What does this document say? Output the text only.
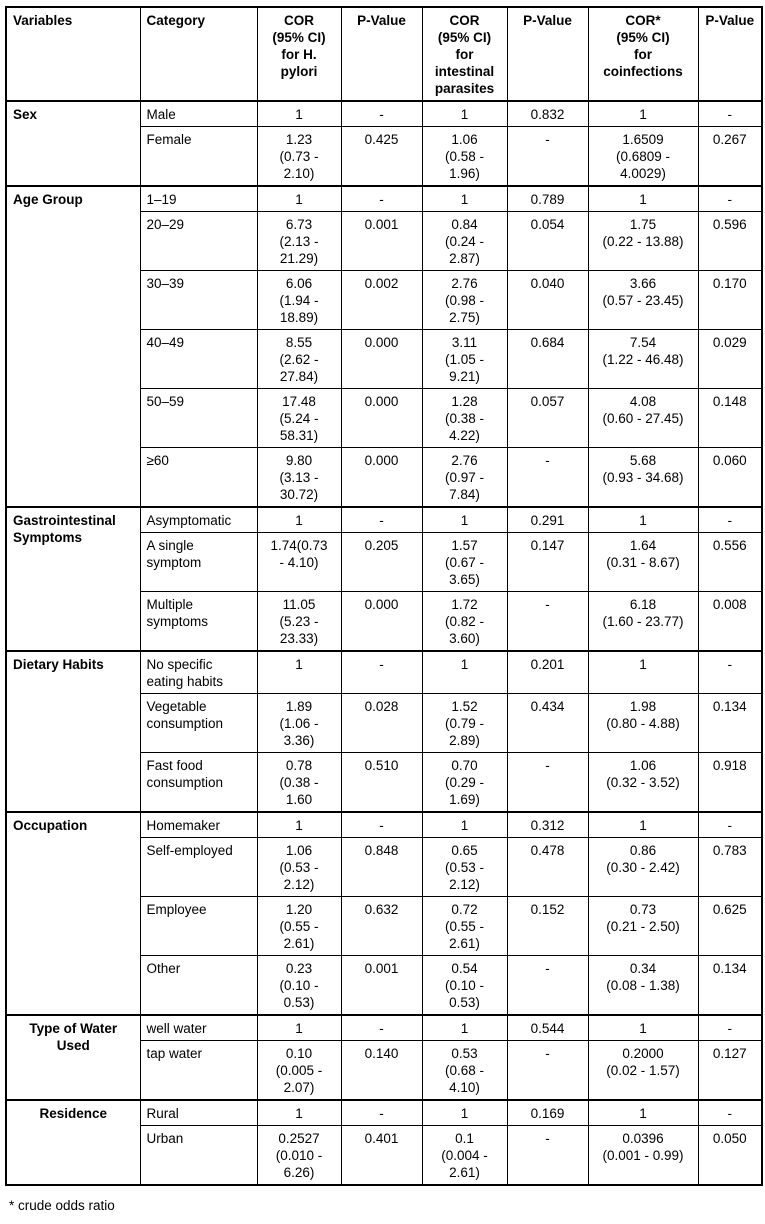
Variables	Category	COR
(95% CI)
for H.
pylori	P-Value	COR
(95% CI)
for
intestinal
parasites	P-Value	COR*
(95% CI)
for
coinfections	P-Value
Sex	Male	1	-	1	0.832	1	-
	Female	1.23
(0.73 -
2.10)	0.425	1.06
(0.58 -
1.96)	-	1.6509
(0.6809 -
4.0029)	0.267
Age Group	1–19	1	-	1	0.789	1	-
	20–29	6.73
(2.13 -
21.29)	0.001	0.84
(0.24 -
2.87)	0.054	1.75
(0.22 - 13.88)	0.596
	30–39	6.06
(1.94 -
18.89)	0.002	2.76
(0.98 -
2.75)	0.040	3.66
(0.57 - 23.45)	0.170
	40–49	8.55
(2.62 -
27.84)	0.000	3.11
(1.05 -
9.21)	0.684	7.54
(1.22 - 46.48)	0.029
	50–59	17.48
(5.24 -
58.31)	0.000	1.28
(0.38 -
4.22)	0.057	4.08
(0.60 - 27.45)	0.148
	≥60	9.80
(3.13 -
30.72)	0.000	2.76
(0.97 -
7.84)	-	5.68
(0.93 - 34.68)	0.060
Gastrointestinal
Symptoms	Asymptomatic	1	-	1	0.291	1	-
	A single
symptom	1.74(0.73
- 4.10)	0.205	1.57
(0.67 -
3.65)	0.147	1.64
(0.31 - 8.67)	0.556
	Multiple
symptoms	11.05
(5.23 -
23.33)	0.000	1.72
(0.82 -
3.60)	-	6.18
(1.60 - 23.77)	0.008
Dietary Habits	No specific
eating habits	1	-	1	0.201	1	-
	Vegetable
consumption	1.89
(1.06 -
3.36)	0.028	1.52
(0.79 -
2.89)	0.434	1.98
(0.80 - 4.88)	0.134
	Fast food
consumption	0.78
(0.38 -
1.60	0.510	0.70
(0.29 -
1.69)	-	1.06
(0.32 - 3.52)	0.918
Occupation	Homemaker	1	-	1	0.312	1	-
	Self-employed	1.06
(0.53 -
2.12)	0.848	0.65
(0.53 -
2.12)	0.478	0.86
(0.30 - 2.42)	0.783
	Employee	1.20
(0.55 -
2.61)	0.632	0.72
(0.55 -
2.61)	0.152	0.73
(0.21 - 2.50)	0.625
	Other	0.23
(0.10 -
0.53)	0.001	0.54
(0.10 -
0.53)	-	0.34
(0.08 - 1.38)	0.134
Type of Water
Used	well water	1	-	1	0.544	1	-
	tap water	0.10
(0.005 -
2.07)	0.140	0.53
(0.68 -
4.10)	-	0.2000
(0.02 - 1.57)	0.127
Residence	Rural	1	-	1	0.169	1	-
	Urban	0.2527
(0.010 -
6.26)	0.401	0.1
(0.004 -
2.61)	-	0.0396
(0.001 - 0.99)	0.050
* crude odds ratio
